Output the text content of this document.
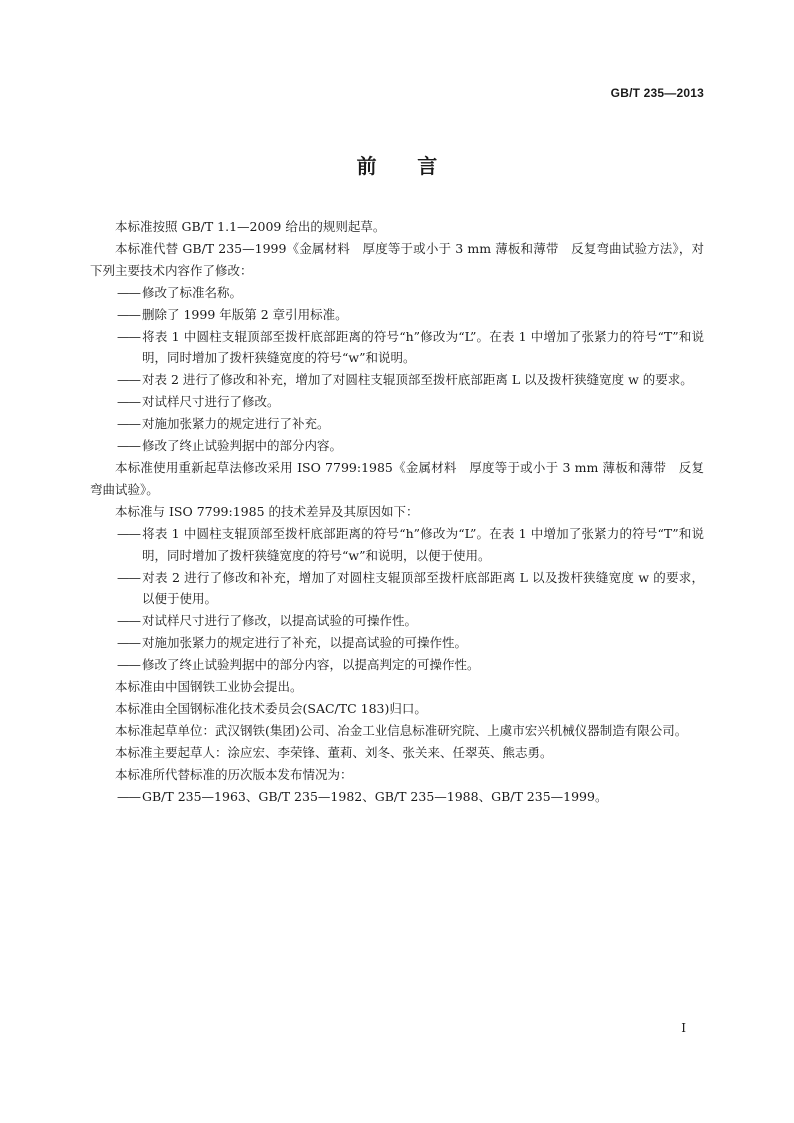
GB/T 235—2013
前　　言

本标准按照 GB/T 1.1—2009 给出的规则起草。

本标准代替 GB/T 235—1999《金属材料　厚度等于或小于 3 mm 薄板和薄带　反复弯曲试验方法》，对下列主要技术内容作了修改：

—— 修改了标准名称。

—— 删除了 1999 年版第 2 章引用标准。

—— 将表 1 中圆柱支辊顶部至拨杆底部距离的符号“h”修改为“L”。在表 1 中增加了张紧力的符号“T”和说明，同时增加了拨杆狭缝宽度的符号“w”和说明。

—— 对表 2 进行了修改和补充，增加了对圆柱支辊顶部至拨杆底部距离 L 以及拨杆狭缝宽度 w 的要求。

—— 对试样尺寸进行了修改。

—— 对施加张紧力的规定进行了补充。

—— 修改了终止试验判据中的部分内容。

本标准使用重新起草法修改采用 ISO 7799:1985《金属材料　厚度等于或小于 3 mm 薄板和薄带　反复弯曲试验》。

本标准与 ISO 7799:1985 的技术差异及其原因如下：

—— 将表 1 中圆柱支辊顶部至拨杆底部距离的符号“h”修改为“L”。在表 1 中增加了张紧力的符号“T”和说明，同时增加了拨杆狭缝宽度的符号“w”和说明，以便于使用。

—— 对表 2 进行了修改和补充，增加了对圆柱支辊顶部至拨杆底部距离 L 以及拨杆狭缝宽度 w 的要求，以便于使用。

—— 对试样尺寸进行了修改，以提高试验的可操作性。

—— 对施加张紧力的规定进行了补充，以提高试验的可操作性。

—— 修改了终止试验判据中的部分内容，以提高判定的可操作性。

本标准由中国钢铁工业协会提出。

本标准由全国钢标准化技术委员会(SAC/TC 183)归口。

本标准起草单位：武汉钢铁(集团)公司、冶金工业信息标准研究院、上虞市宏兴机械仪器制造有限公司。

本标准主要起草人：涂应宏、李荣锋、董莉、刘冬、张关来、任翠英、熊志勇。

本标准所代替标准的历次版本发布情况为：

—— GB/T 235—1963、GB/T 235—1982、GB/T 235—1988、GB/T 235—1999。

I
